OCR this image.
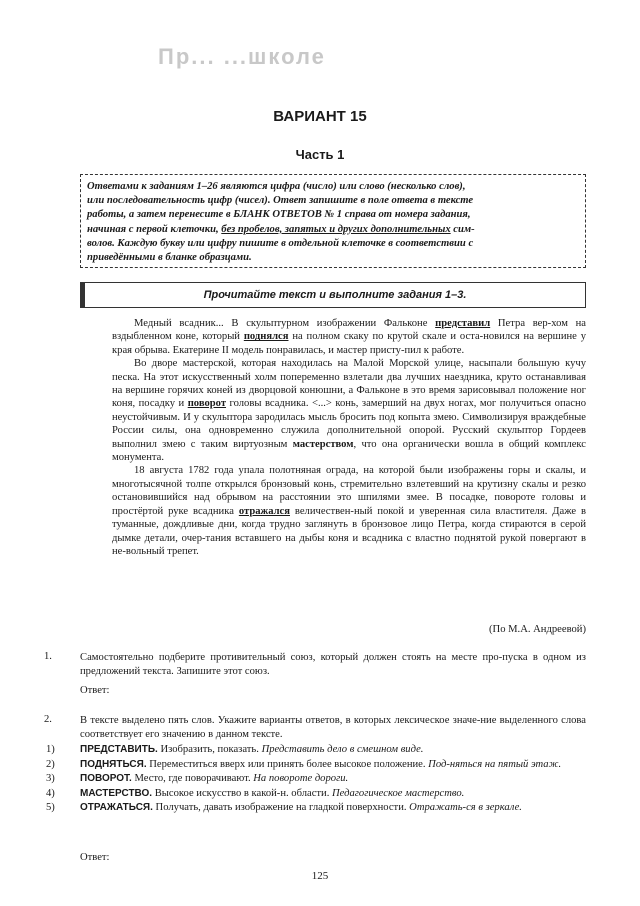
Пр... ...школе
ВАРИАНТ 15
Часть 1
Ответами к заданиям 1–26 являются цифра (число) или слово (несколько слов),
или последовательность цифр (чисел). Ответ запишите в поле ответа в тексте
работы, а затем перенесите в БЛАНК ОТВЕТОВ № 1 справа от номера задания,
начиная с первой клеточки, без пробелов, запятых и других дополнительных сим-
волов. Каждую букву или цифру пишите в отдельной клеточке в соответствии с
приведёнными в бланке образцами.
Прочитайте текст и выполните задания 1–3.

Медный всадник... В скульптурном изображении Фальконе представил Петра вер-хом на вздыбленном коне, который поднялся на полном скаку по крутой скале и оста-новился на вершине у края обрыва. Екатерине II модель понравилась, и мастер присту-пил к работе.

Во дворе мастерской, которая находилась на Малой Морской улице, насыпали большую кучу песка. На этот искусственный холм попеременно взлетали два лучших наездника, круто останавливая на вершине горячих коней из дворцовой конюшни, а Фальконе в это время зарисовывал положение ног коня, посадку и поворот головы всадника. <...> конь, замерший на двух ногах, мог получиться опасно неустойчивым. И у скульптора зародилась мысль бросить под копыта змею. Символизируя враждебные России силы, она одновременно служила дополнительной опорой. Русский скульптор Гордеев выполнил змею с таким виртуозным мастерством, что она органически вошла в общий комплекс монумента.

18 августа 1782 года упала полотняная ограда, на которой были изображены горы и скалы, и многотысячной толпе открылся бронзовый конь, стремительно взлетевший на крутизну скалы и резко остановившийся над обрывом на расстоянии это шпилями змее. В посадке, повороте головы и простёртой руке всадника отражался величествен-ный покой и уверенная сила властителя. Даже в туманные, дождливые дни, когда трудно заглянуть в бронзовое лицо Петра, когда стираются в серой дымке детали, очер-тания вставшего на дыбы коня и всадника с властно поднятой рукой повергают в не-вольный трепет.

(По М.А. Андреевой)
1.	Самостоятельно подберите противительный союз, который должен стоять на месте про-пуска в одном из предложений текста. Запишите этот союз.
Ответ:
2.	В тексте выделено пять слов. Укажите варианты ответов, в которых лексическое значе-ние выделенного слова соответствует его значению в данном тексте.
1)	ПРЕДСТАВИТЬ. Изобразить, показать. Представить дело в смешном виде.
2)	ПОДНЯТЬСЯ. Переместиться вверх или принять более высокое положение. Под-няться на пятый этаж.
3)	ПОВОРОТ. Место, где поворачивают. На повороте дороги.
4)	МАСТЕРСТВО. Высокое искусство в какой-н. области. Педагогическое мастерство.
5)	ОТРАЖАТЬСЯ. Получать, давать изображение на гладкой поверхности. Отражать-ся в зеркале.
Ответ:
125
